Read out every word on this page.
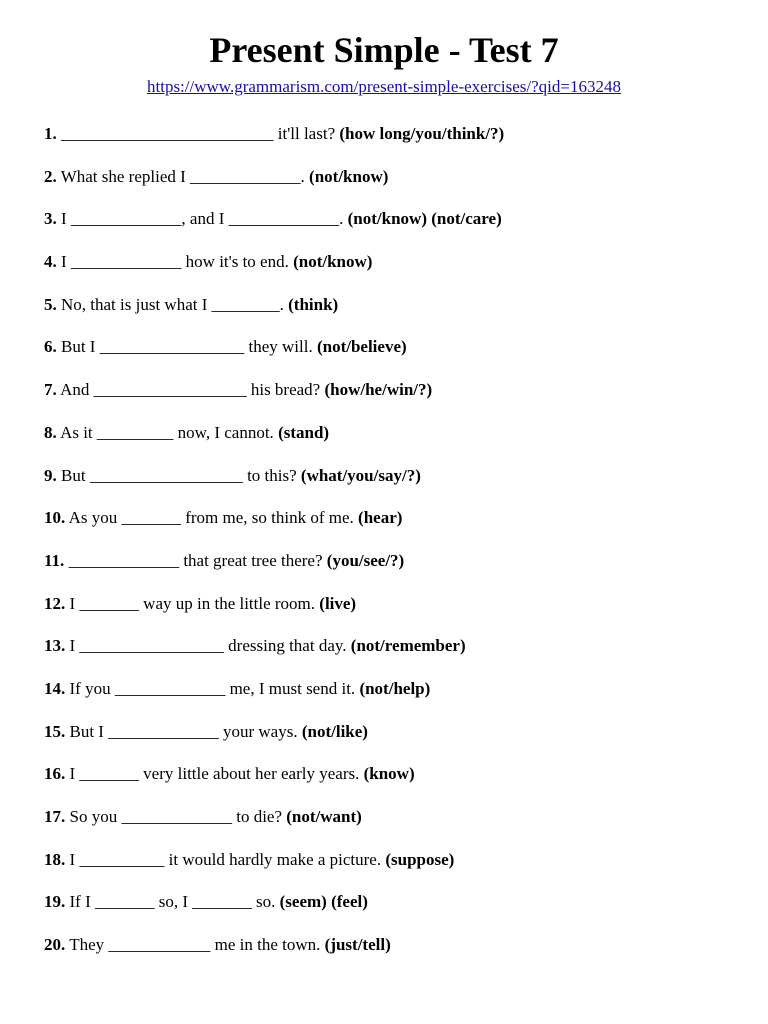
Present Simple - Test 7
https://www.grammarism.com/present-simple-exercises/?qid=163248
1. _________________________ it'll last? (how long/you/think/?)
2. What she replied I _____________. (not/know)
3. I _____________, and I _____________. (not/know) (not/care)
4. I _____________ how it's to end. (not/know)
5. No, that is just what I ________. (think)
6. But I _________________ they will. (not/believe)
7. And __________________ his bread? (how/he/win/?)
8. As it _________ now, I cannot. (stand)
9. But __________________ to this? (what/you/say/?)
10. As you _______ from me, so think of me. (hear)
11. _____________ that great tree there? (you/see/?)
12. I _______ way up in the little room. (live)
13. I _________________ dressing that day. (not/remember)
14. If you _____________ me, I must send it. (not/help)
15. But I _____________ your ways. (not/like)
16. I _______ very little about her early years. (know)
17. So you _____________ to die? (not/want)
18. I __________ it would hardly make a picture. (suppose)
19. If I _______ so, I _______ so. (seem) (feel)
20. They ____________ me in the town. (just/tell)
